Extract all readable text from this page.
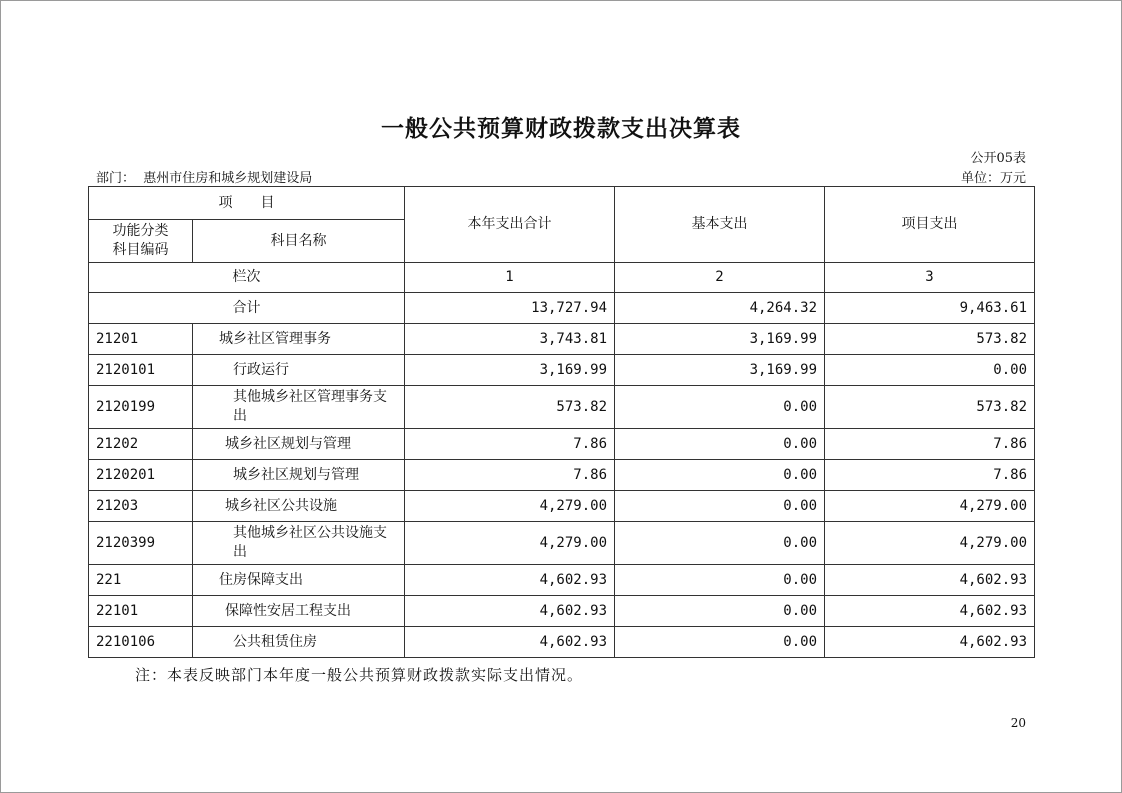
一般公共预算财政拨款支出决算表
公开05表
部门： 惠州市住房和城乡规划建设局	单位：万元
项　　目		本年支出合计	基本支出	项目支出
功能分类
科目编码	科目名称			
栏次		1	2	3
合计		13,727.94	4,264.32	9,463.61
21201	城乡社区管理事务	3,743.81	3,169.99	573.82
2120101	行政运行	3,169.99	3,169.99	0.00
2120199	其他城乡社区管理事务支出	573.82	0.00	573.82
21202	城乡社区规划与管理	7.86	0.00	7.86
2120201	城乡社区规划与管理	7.86	0.00	7.86
21203	城乡社区公共设施	4,279.00	0.00	4,279.00
2120399	其他城乡社区公共设施支出	4,279.00	0.00	4,279.00
221	住房保障支出	4,602.93	0.00	4,602.93
22101	保障性安居工程支出	4,602.93	0.00	4,602.93
2210106	公共租赁住房	4,602.93	0.00	4,602.93
注：本表反映部门本年度一般公共预算财政拨款实际支出情况。
20
